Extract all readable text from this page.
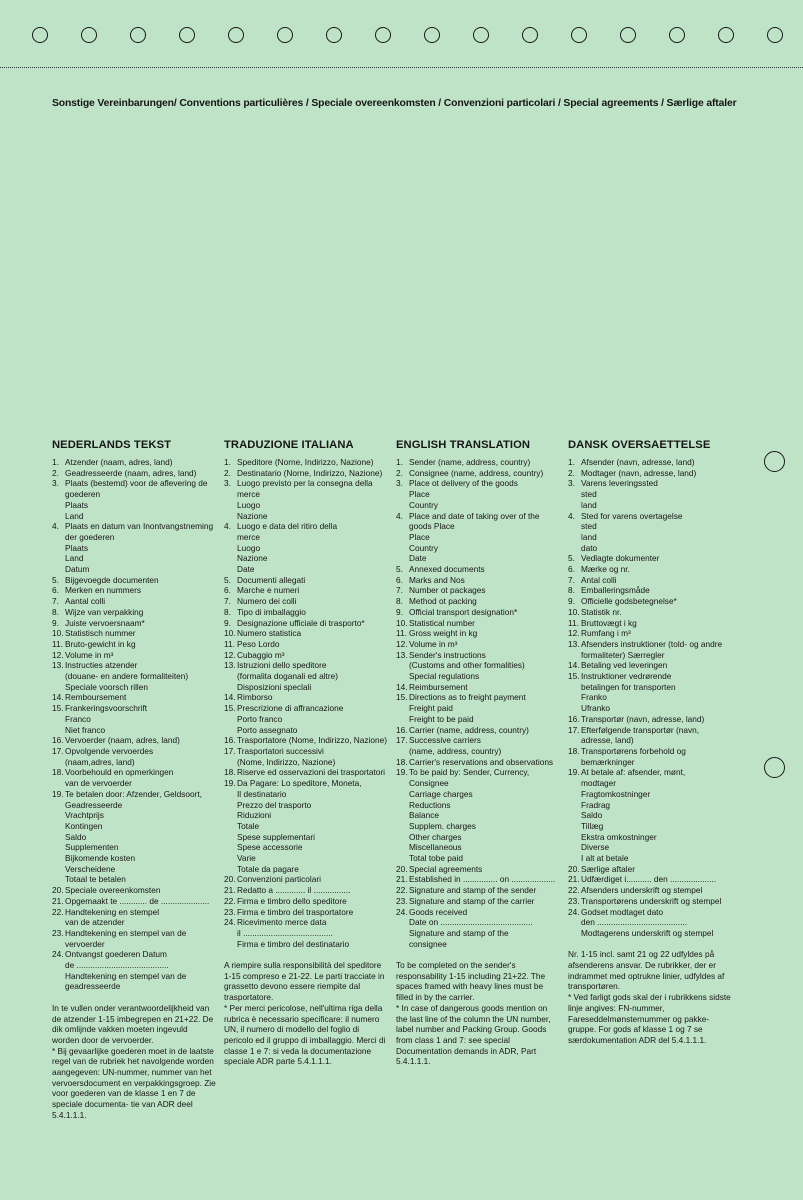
Sonstige Vereinbarungen/ Conventions particulières / Speciale overeenkomsten / Convenzioni particolari / Special agreements / Særlige aftaler
NEDERLANDS TEKST
1. Atzender (naam, adres, land)
2. Geadresseerde (naam, adres, land)
3. Plaats (bestemd) voor de aflevering de goederen
Plaats
Land
4. Plaats en datum van Inontvangstneming der goederen
Plaats
Land
Datum
5. Bijgevoegde documenten
6. Merken en nummers
7. Aantal colli
8. Wijze van verpakking
9. Juiste vervoersnaam*
10. Statistisch nummer
11. Bruto-gewicht in kg
12. Volume in m³
13. Instructies atzender
(douane- en andere formaliteiten)
Speciale voorsch rillen
14. Remboursement
15. Frankeringsvoorschrift
Franco
Niet franco
16. Vervoerder (naam, adres, land)
17. Opvolgende vervoerdes
(naam,adres, land)
18. Voorbehould en opmerkingen
van de vervoerder
19. Te betalen door: Afzender, Geldsoort,
Geadresseerde
Vrachtprijs
Kontingen
Saldo
Supplementen
Bijkomende kosten
Verscheidene
Totaal te betalen
20. Speciale overeenkomsten
21. Opgemaakt te ............ de .....................
22. Handtekening en stempel
van de atzender
23. Handtekening en stempel van de
vervoerder
24. Ontvangst goederen Datum
de ........................................
Handtekening en stempel van de
geadresseerde
In te vullen onder verantwoordelijkheid van de atzender 1-15 imbegrepen en 21+22. De dik omlijnde vakken moeten ingevuld worden door de vervoerder.
* Bij gevaarlijke goederen moet in de laatste regel van de rubriek het navolgende worden aangegeven: UN-nummer, nummer van het vervoersdocument en verpakkingsgroep. Zie voor goederen van de klasse 1 en 7 de speciale documenta- tie van ADR deel 5.4.1.1.1.
TRADUZIONE ITALIANA
1. Speditore (Norne, Indirizzo, Nazione)
2. Destinatario (Norne, Indirizzo, Nazione)
3. Luogo previsto per la consegna della
merce
Luogo
Nazione
4. Luogo e data del ritiro della
merce
Luogo
Nazione
Date
5. Documenti allegati
6. Marche e numeri
7. Numero dei colli
8. Tipo di imballaggio
9. Designazione ufficiale di trasporto*
10. Numero statistica
11. Peso Lordo
12. Cubaggio m³
13. Istruzioni dello speditore
(formalita doganali ed altre)
Disposizioni speclali
14. Rimborso
15. Prescrizione di affrancazione
Porto franco
Porto assegnato
16. Trasportatore (Nome, Indirizzo, Nazione)
17. Trasportatori successivi
(Nome, Indirizzo, Nazione)
18. Riserve ed osservazioni dei trasportatori
19. Da Pagare: Lo speditore, Moneta,
Il destinatario
Prezzo del trasporto
Riduzioni
Totale
Spese supplementari
Spese accessorie
Varie
Totale da pagare
20. Convenzioni particolari
21. Redatto a ............. il ................
22. Firma e timbro dello speditore
23. Firma e timbro del trasportatore
24. Ricevimento merce data
il .......................................
Firma e timbro del destinatario
A riempire sulla responsibilità del speditore 1-15 compreso e 21-22. Le parti tracciate in grassetto devono essere riempite dal trasportatore.
* Per merci pericolose, nell'ultima riga della rubrica è necessario specificare: il numero UN, il numero di modello del foglio di pericolo ed il gruppo di imballaggio. Merci di classe 1 e 7: si veda la documentazione speciale ADR parte 5.4.1.1.1.
ENGLISH TRANSLATION
1. Sender (name, address, country)
2. Consignee (name, address, country)
3. Place ot delivery of the goods
Place
Country
4. Place and date of taking over of the goods Place
Place
Country
Date
5. Annexed documents
6. Marks and Nos
7. Number ot packages
8. Method ot packing
9. Official transport designation*
10. Statistical number
11. Gross weight in kg
12. Volume in m³
13. Sender's instructions
(Customs and other formalities)
Special regulations
14. Reimbursement
15. Directions as to freight payment
Freight paid
Freight to be paid
16. Carrier (name, address, country)
17. Successive carriers
(name, address, country)
18. Carrier's reservations and observations
19. To be paid by: Sender, Currency,
Consignee
Carriage charges
Reductions
Balance
Supplem. charges
Other charges
Miscellaneous
Total tobe paid
20. Special agreements
21. Established in ............... on ...................
22. Signature and stamp of the sender
23. Signature and stamp of the carrier
24. Goods received
Date on ........................................
Signature and stamp of the
consignee
To be completed on the sender's responsability 1-15 including 21+22. The spaces framed with heavy lines must be filled in by the carrier.
* In case of dangerous goods mention on the last line of the column the UN number, label number and Packing Group. Goods from class 1 and 7: see special Documentation demands in ADR, Part 5.4.1.1.1.
DANSK OVERSAETTELSE
1. Afsender (navn, adresse, land)
2. Modtager (navn, adresse, land)
3. Varens leveringssted
sted
land
4. Sted for varens overtagelse
sted
land
dato
5. Vedlagte dokumenter
6. Mærke og nr.
7. Antal colli
8. Emballeringsmåde
9. Officielle godsbetegnelse*
10. Statistik nr.
11. Bruttovægt i kg
12. Rumfang i m³
13. Afsenders instruktioner (told- og andre formaliteter) Særregler
14. Betaling ved leveringen
15. Instruktioner vedrørende
betalingen for transporten
Franko
Ufranko
16. Transportør (navn, adresse, land)
17. Efterfølgende transportør (navn, adresse, land)
18. Transportørens forbehold og
bemærkninger
19. At betale af: afsender, mønt,
modtager
Fragtomkostninger
Fradrag
Saldo
Tillæg
Ekstra omkostninger
Diverse
I alt at betale
20. Særlige aftaler
21. Udfærdiget i........... den ....................
22. Afsenders underskrift og stempel
23. Transportørens underskrift og stempel
24. Godset modtaget dato
den .......................................
Modtagerens underskrift og stempel
Nr. 1-15 incl. samt 21 og 22 udfyldes på afsenderens ansvar. De rubrikker, der er indrammet med optrukne linier, udfyldes af transportøren.
* Ved farligt gods skal der i rubrikkens sidste linje angives: FN-nummer, Fareseddelmønsternummer og pakke- gruppe. For gods af klasse 1 og 7 se særdokumentation ADR del 5.4.1.1.1.
